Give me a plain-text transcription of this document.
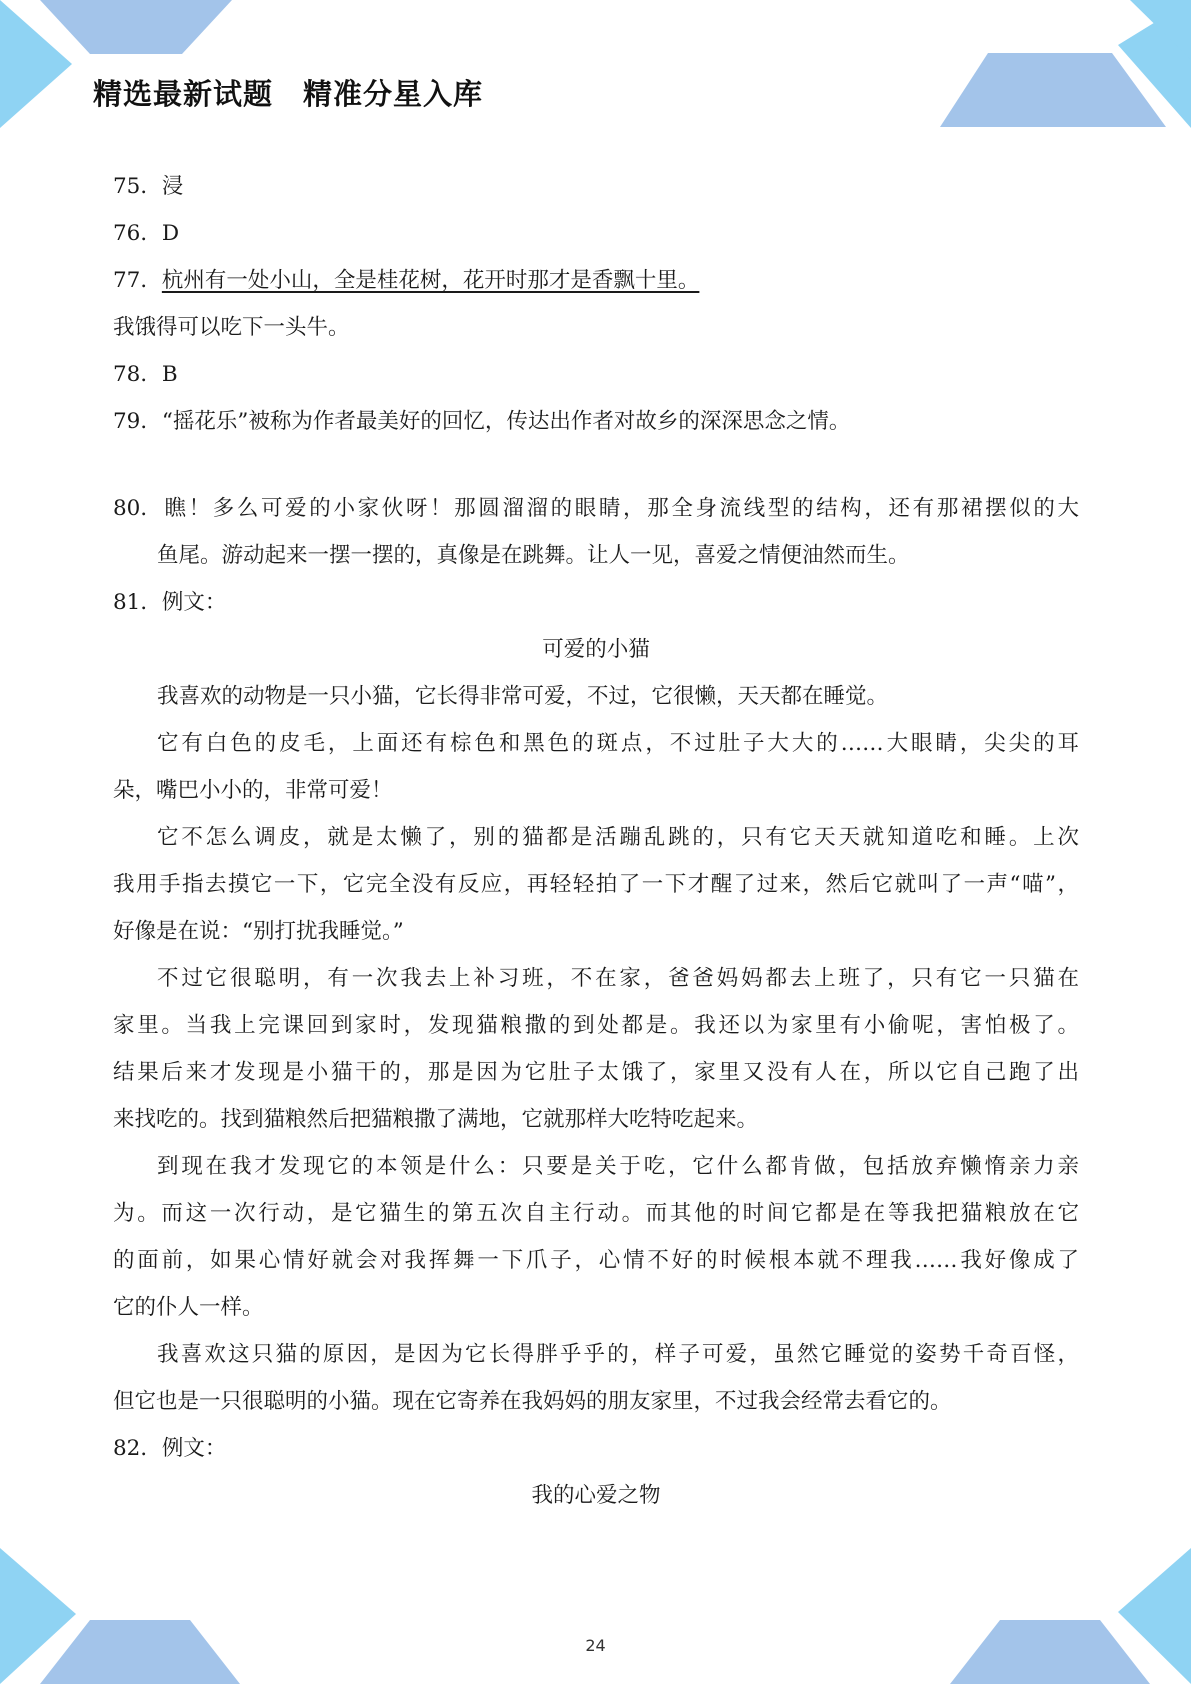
精选最新试题　精准分星入库
75．浸
76．D
77．杭州有一处小山，全是桂花树，花开时那才是香飘十里。
我饿得可以吃下一头牛。
78．B
79．“摇花乐”被称为作者最美好的回忆，传达出作者对故乡的深深思念之情。
80．瞧！多么可爱的小家伙呀！那圆溜溜的眼睛，那全身流线型的结构，还有那裙摆似的大
鱼尾。游动起来一摆一摆的，真像是在跳舞。让人一见，喜爱之情便油然而生。
81．例文：
可爱的小猫
我喜欢的动物是一只小猫，它长得非常可爱，不过，它很懒，天天都在睡觉。
它有白色的皮毛，上面还有棕色和黑色的斑点，不过肚子大大的……大眼睛，尖尖的耳
朵，嘴巴小小的，非常可爱！
它不怎么调皮，就是太懒了，别的猫都是活蹦乱跳的，只有它天天就知道吃和睡。上次
我用手指去摸它一下，它完全没有反应，再轻轻拍了一下才醒了过来，然后它就叫了一声“喵”，
好像是在说：“别打扰我睡觉。”
不过它很聪明，有一次我去上补习班，不在家，爸爸妈妈都去上班了，只有它一只猫在
家里。当我上完课回到家时，发现猫粮撒的到处都是。我还以为家里有小偷呢，害怕极了。
结果后来才发现是小猫干的，那是因为它肚子太饿了，家里又没有人在，所以它自己跑了出
来找吃的。找到猫粮然后把猫粮撒了满地，它就那样大吃特吃起来。
到现在我才发现它的本领是什么：只要是关于吃，它什么都肯做，包括放弃懒惰亲力亲
为。而这一次行动，是它猫生的第五次自主行动。而其他的时间它都是在等我把猫粮放在它
的面前，如果心情好就会对我挥舞一下爪子，心情不好的时候根本就不理我……我好像成了
它的仆人一样。
我喜欢这只猫的原因，是因为它长得胖乎乎的，样子可爱，虽然它睡觉的姿势千奇百怪，
但它也是一只很聪明的小猫。现在它寄养在我妈妈的朋友家里，不过我会经常去看它的。
82．例文：
我的心爱之物
24
